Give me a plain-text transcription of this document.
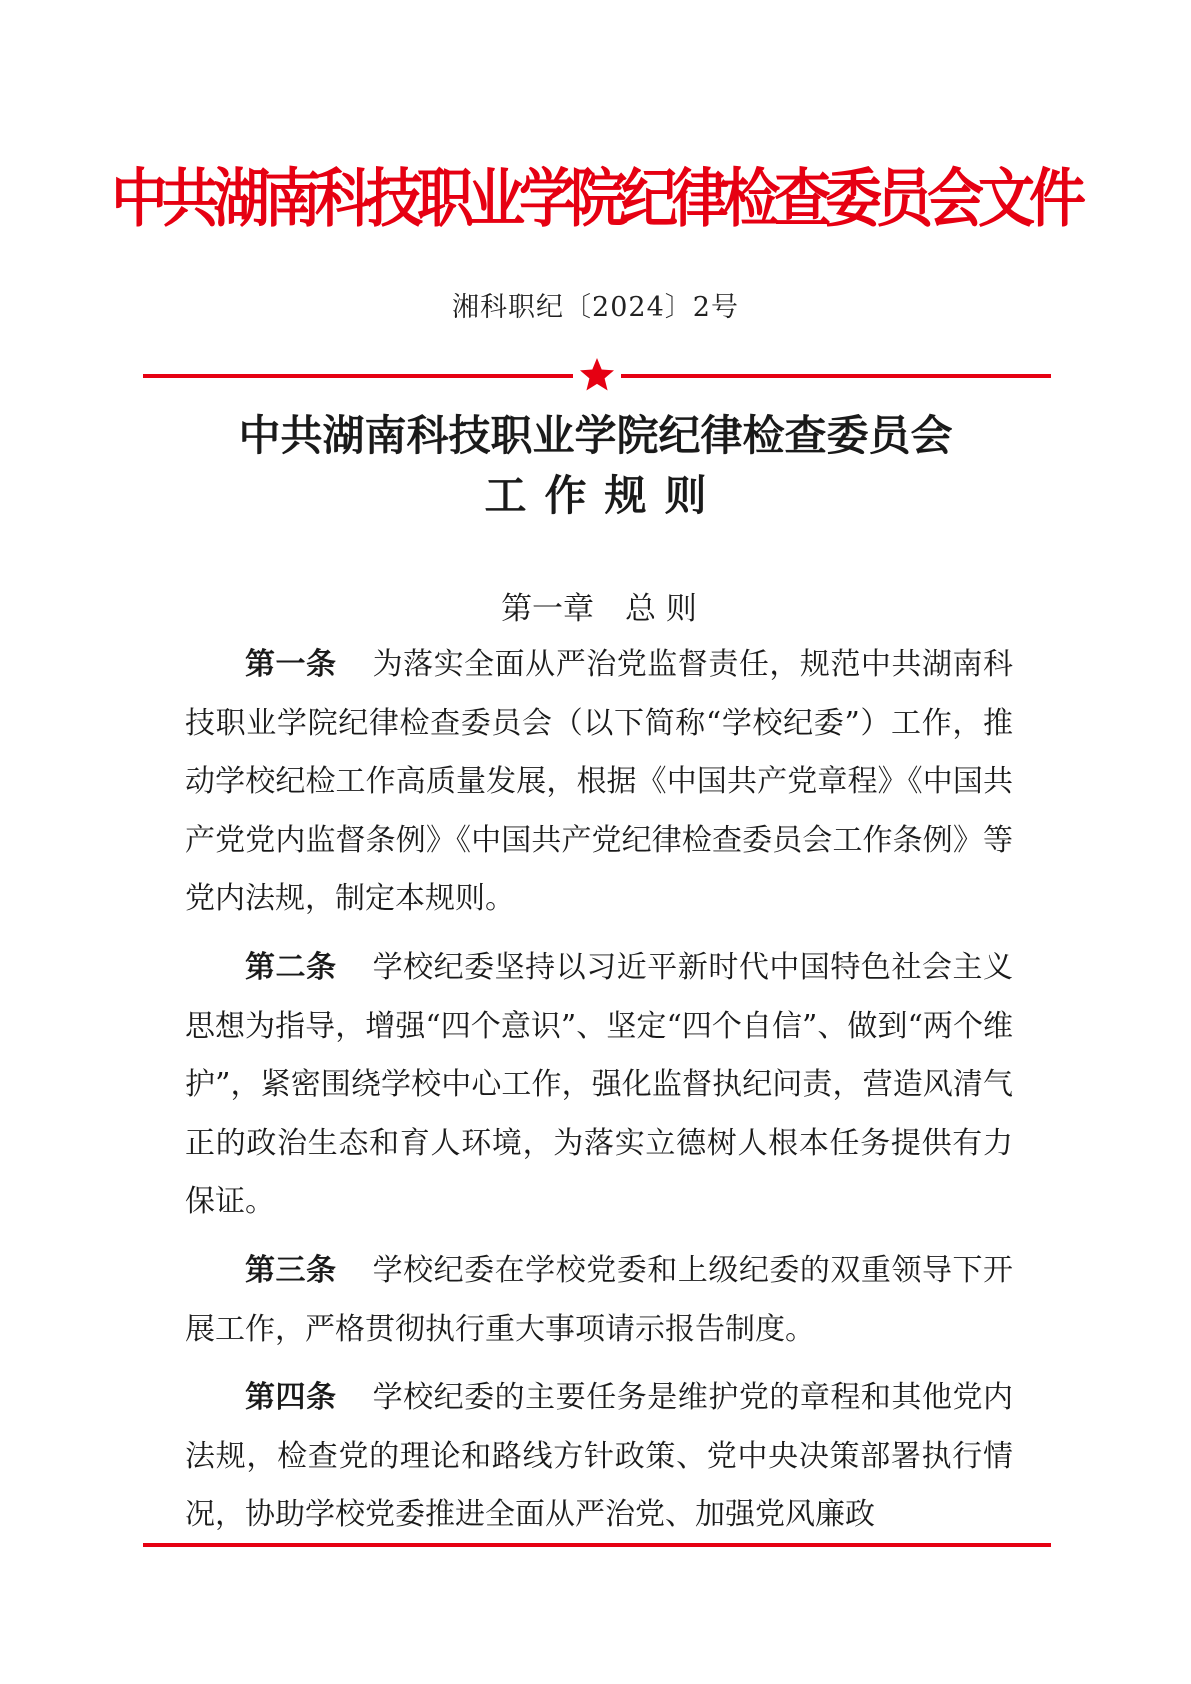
中共湖南科技职业学院纪律检查委员会文件
湘科职纪〔2024〕2号
中共湖南科技职业学院纪律检查委员会
工作规则
第一章　总 则

第一条 为落实全面从严治党监督责任，规范中共湖南科技职业学院纪律检查委员会（以下简称“学校纪委”）工作，推动学校纪检工作高质量发展，根据《中国共产党章程》《中国共产党党内监督条例》《中国共产党纪律检查委员会工作条例》等党内法规，制定本规则。

第二条 学校纪委坚持以习近平新时代中国特色社会主义思想为指导，增强“四个意识”、坚定“四个自信”、做到“两个维护”，紧密围绕学校中心工作，强化监督执纪问责，营造风清气正的政治生态和育人环境，为落实立德树人根本任务提供有力保证。

第三条 学校纪委在学校党委和上级纪委的双重领导下开展工作，严格贯彻执行重大事项请示报告制度。

第四条 学校纪委的主要任务是维护党的章程和其他党内法规，检查党的理论和路线方针政策、党中央决策部署执行情况，协助学校党委推进全面从严治党、加强党风廉政
